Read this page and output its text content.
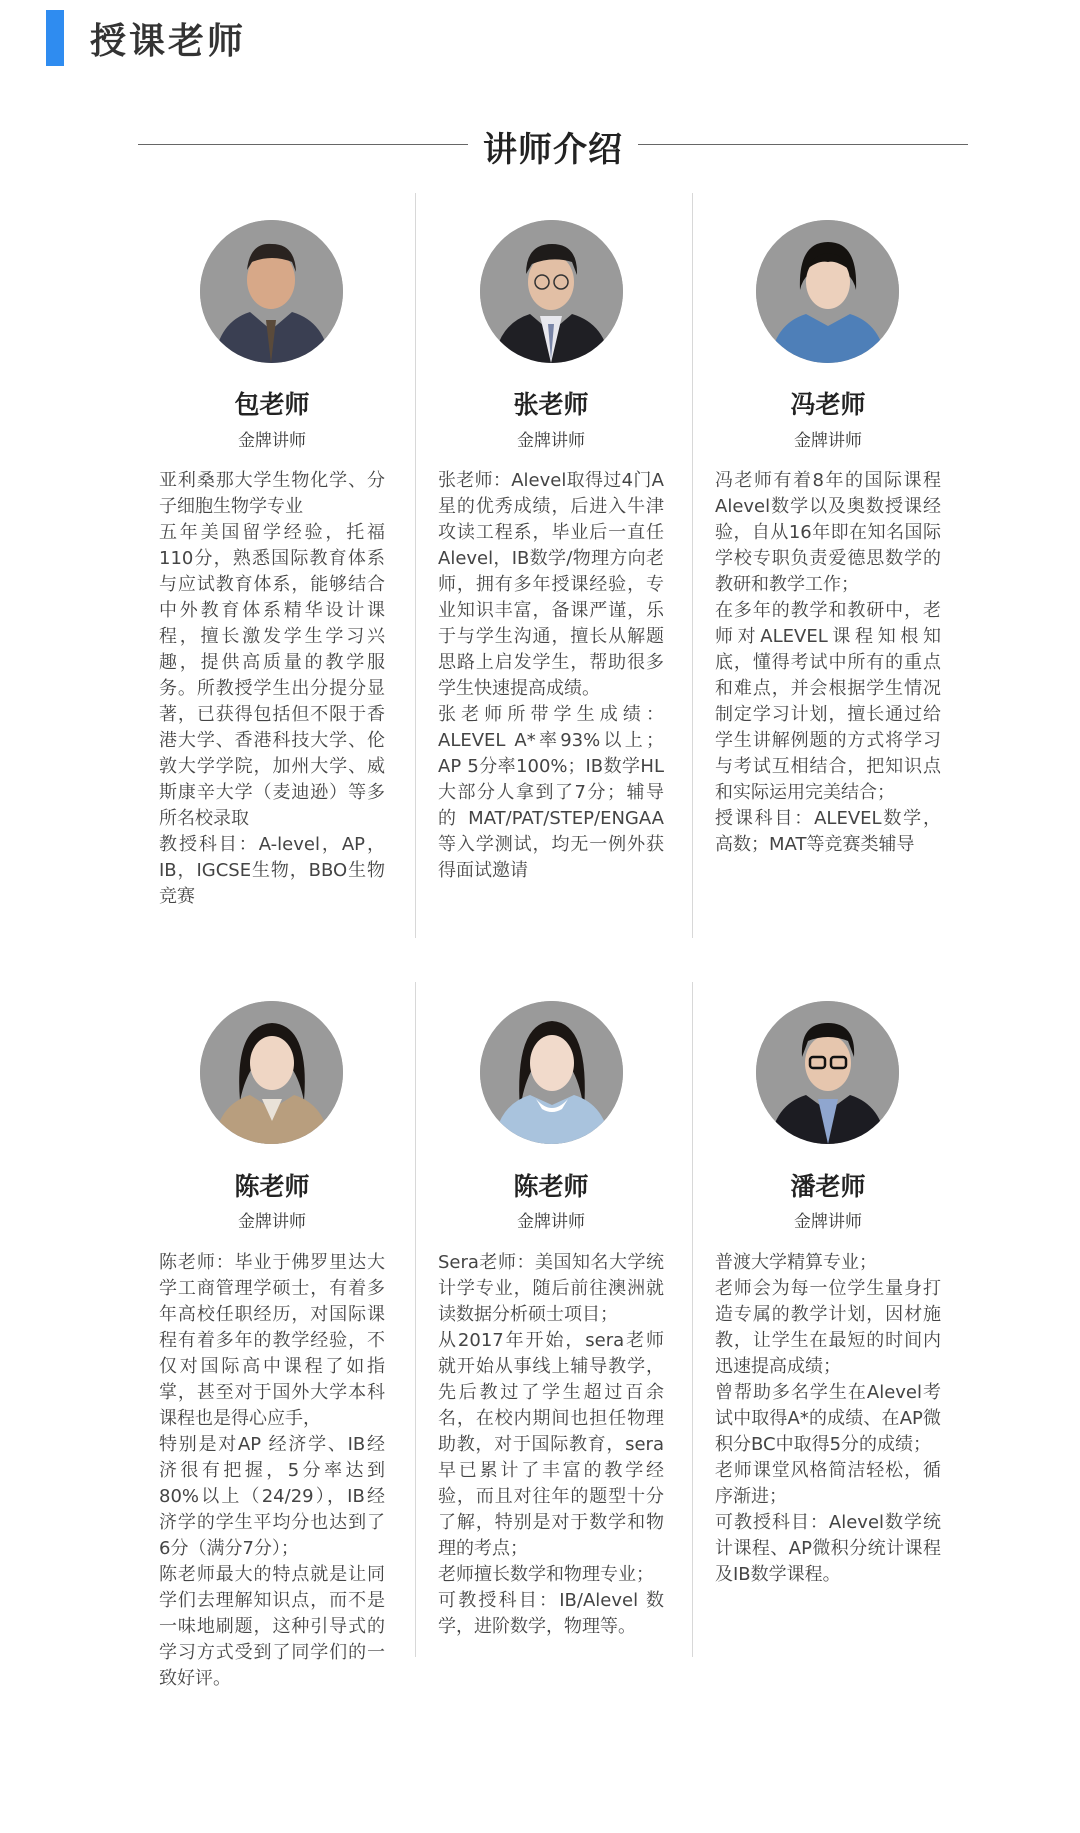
授课老师
讲师介绍
包老师
金牌讲师

亚利桑那大学生物化学、分子细胞生物学专业

五年美国留学经验，托福110分，熟悉国际教育体系与应试教育体系，能够结合中外教育体系精华设计课程，擅长激发学生学习兴趣，提供高质量的教学服务。所教授学生出分提分显著，已获得包括但不限于香港大学、香港科技大学、伦敦大学学院，加州大学、威斯康辛大学（麦迪逊）等多所名校录取

教授科目：A-level，AP，IB，IGCSE生物，BBO生物竞赛

张老师
金牌讲师

张老师：Alevel取得过4门A星的优秀成绩，后进入牛津攻读工程系，毕业后一直任Alevel，IB数学/物理方向老师，拥有多年授课经验，专业知识丰富，备课严谨，乐于与学生沟通，擅长从解题思路上启发学生，帮助很多学生快速提高成绩。

张老师所带学生成绩：ALEVEL A*率93%以上；AP 5分率100%；IB数学HL大部分人拿到了7分；辅导的MAT/PAT/STEP/ENGAA等入学测试，均无一例外获得面试邀请

冯老师
金牌讲师

冯老师有着8年的国际课程Alevel数学以及奥数授课经验，自从16年即在知名国际学校专职负责爱德思数学的教研和教学工作；

在多年的教学和教研中，老师对ALEVEL课程知根知底，懂得考试中所有的重点和难点，并会根据学生情况制定学习计划，擅长通过给学生讲解例题的方式将学习与考试互相结合，把知识点和实际运用完美结合；

授课科目：ALEVEL数学，高数；MAT等竞赛类辅导

陈老师
金牌讲师

陈老师：毕业于佛罗里达大学工商管理学硕士，有着多年高校任职经历，对国际课程有着多年的教学经验，不仅对国际高中课程了如指掌，甚至对于国外大学本科课程也是得心应手，

特别是对AP 经济学、IB经济很有把握，5分率达到80%以上（24/29），IB经济学的学生平均分也达到了6分（满分7分）；

陈老师最大的特点就是让同学们去理解知识点，而不是一味地刷题，这种引导式的学习方式受到了同学们的一致好评。

陈老师
金牌讲师

Sera老师：美国知名大学统计学专业，随后前往澳洲就读数据分析硕士项目；

从2017年开始，sera老师就开始从事线上辅导教学，先后教过了学生超过百余名，在校内期间也担任物理助教，对于国际教育，sera早已累计了丰富的教学经验，而且对往年的题型十分了解，特别是对于数学和物理的考点；

老师擅长数学和物理专业；

可教授科目：IB/Alevel 数学，进阶数学，物理等。

潘老师
金牌讲师

普渡大学精算专业；

老师会为每一位学生量身打造专属的教学计划，因材施教，让学生在最短的时间内迅速提高成绩；

曾帮助多名学生在Alevel考试中取得A*的成绩、在AP微积分BC中取得5分的成绩；

老师课堂风格简洁轻松，循序渐进；

可教授科目：Alevel数学统计课程、AP微积分统计课程及IB数学课程。
